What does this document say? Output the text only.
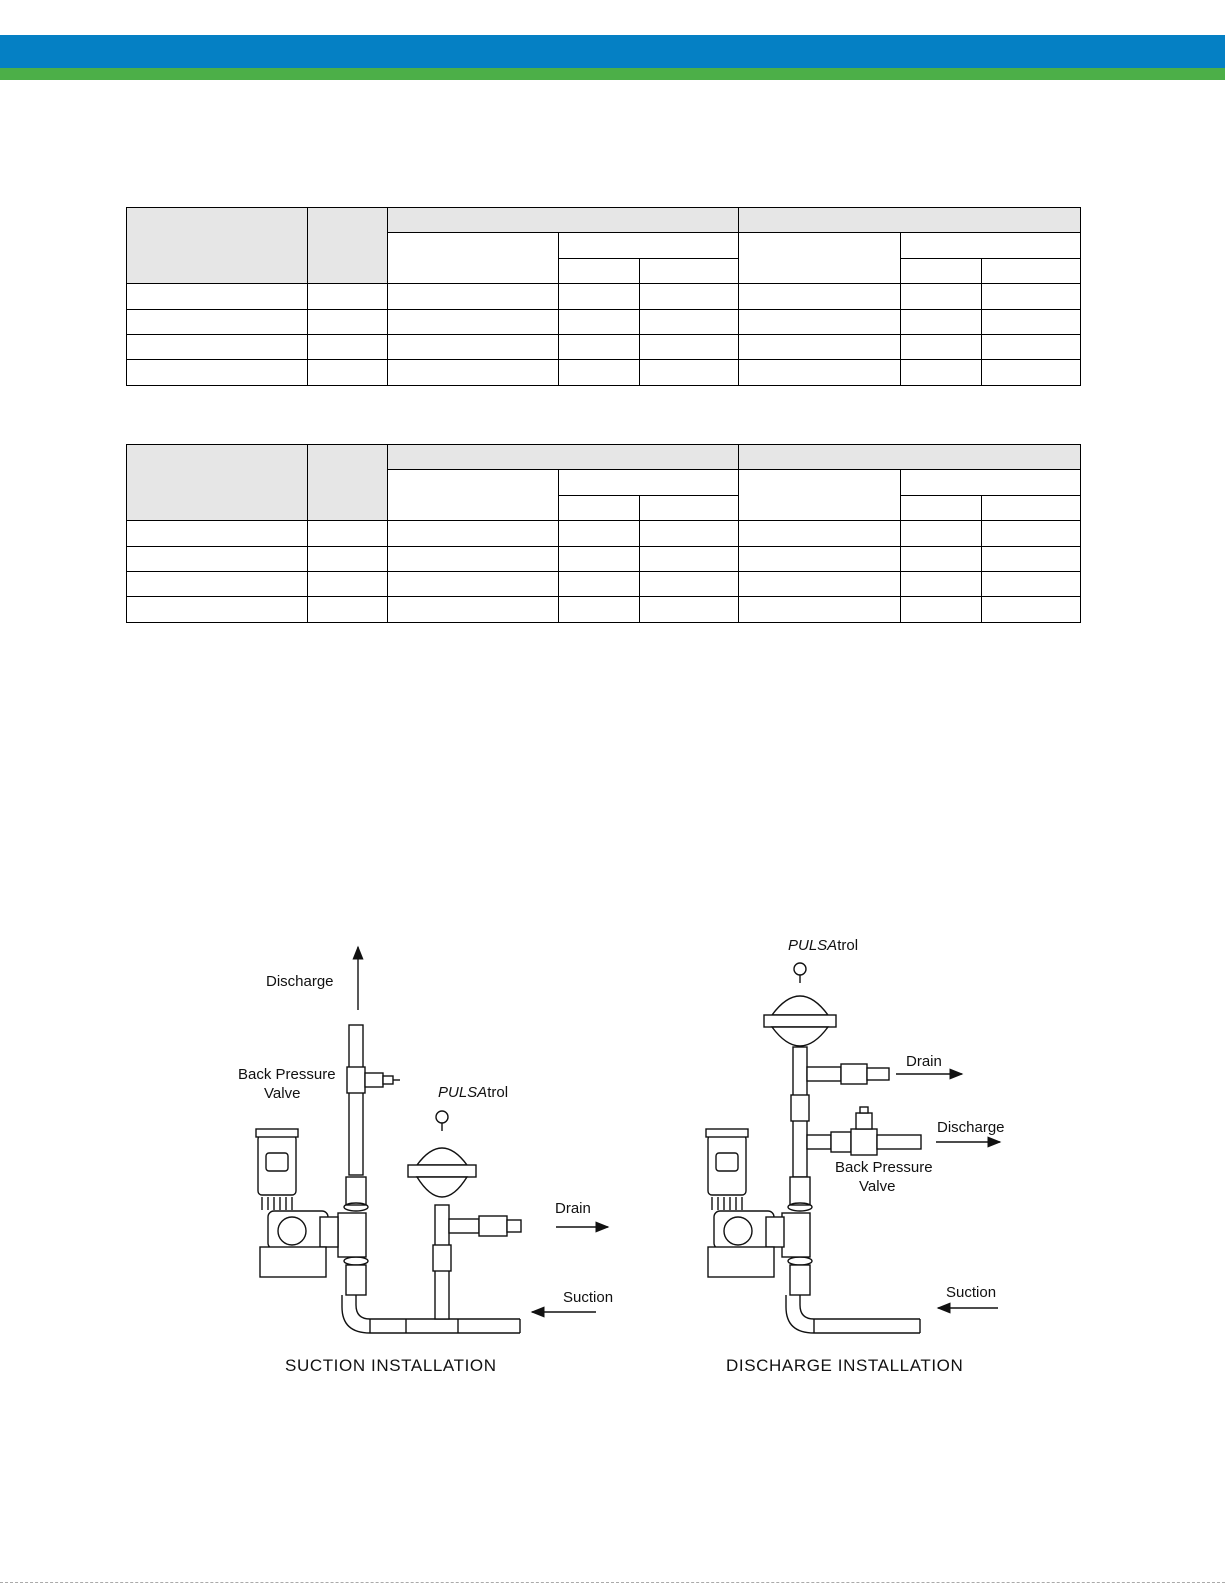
Discharge
Back Pressure
Valve	PULSAtrol
Drain
Suction
SUCTION INSTALLATION
PULSAtrol
Drain
Discharge
Back Pressure
Valve
Suction
DISCHARGE INSTALLATION
